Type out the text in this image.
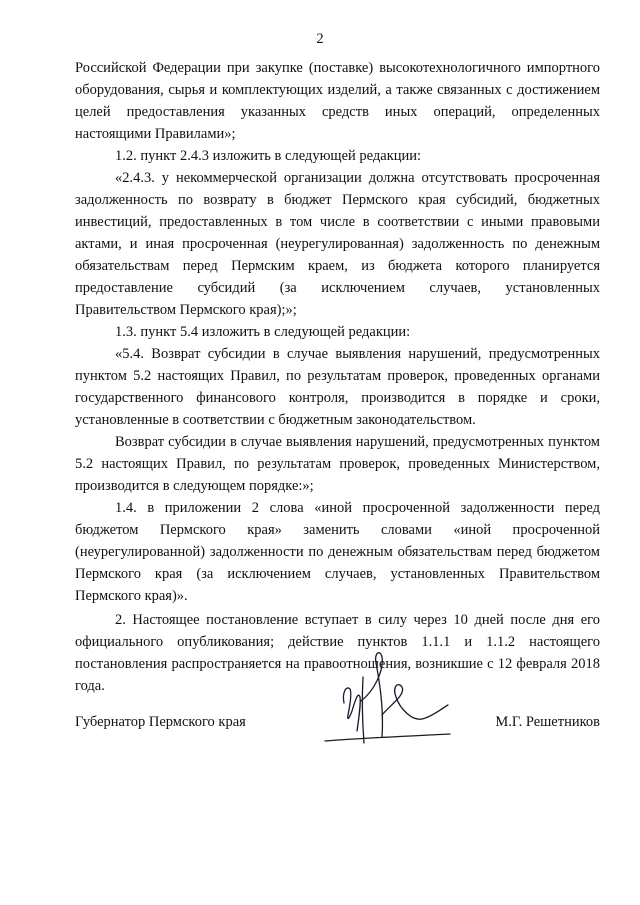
2

Российской Федерации при закупке (поставке) высокотехнологичного импортного оборудования, сырья и комплектующих изделий, а также связанных с достижением целей предоставления указанных средств иных операций, определенных настоящими Правилами»;

1.2. пункт 2.4.3 изложить в следующей редакции:

«2.4.3. у некоммерческой организации должна отсутствовать просроченная задолженность по возврату в бюджет Пермского края субсидий, бюджетных инвестиций, предоставленных в том числе в соответствии с иными правовыми актами, и иная просроченная (неурегулированная) задолженность по денежным обязательствам перед Пермским краем, из бюджета которого планируется предоставление субсидий (за исключением случаев, установленных Правительством Пермского края);»;

1.3. пункт 5.4 изложить в следующей редакции:

«5.4. Возврат субсидии в случае выявления нарушений, предусмотренных пунктом 5.2 настоящих Правил, по результатам проверок, проведенных органами государственного финансового контроля, производится в порядке и сроки, установленные в соответствии с бюджетным законодательством.

Возврат субсидии в случае выявления нарушений, предусмотренных пунктом 5.2 настоящих Правил, по результатам проверок, проведенных Министерством, производится в следующем порядке:»;

1.4. в приложении 2 слова «иной просроченной задолженности перед бюджетом Пермского края» заменить словами «иной просроченной (неурегулированной) задолженности по денежным обязательствам перед бюджетом Пермского края (за исключением случаев, установленных Правительством Пермского края)».

2. Настоящее постановление вступает в силу через 10 дней после дня его официального опубликования; действие пунктов 1.1.1 и 1.1.2 настоящего постановления распространяется на правоотношения, возникшие с 12 февраля 2018 года.

Губернатор Пермского края	М.Г. Решетников
